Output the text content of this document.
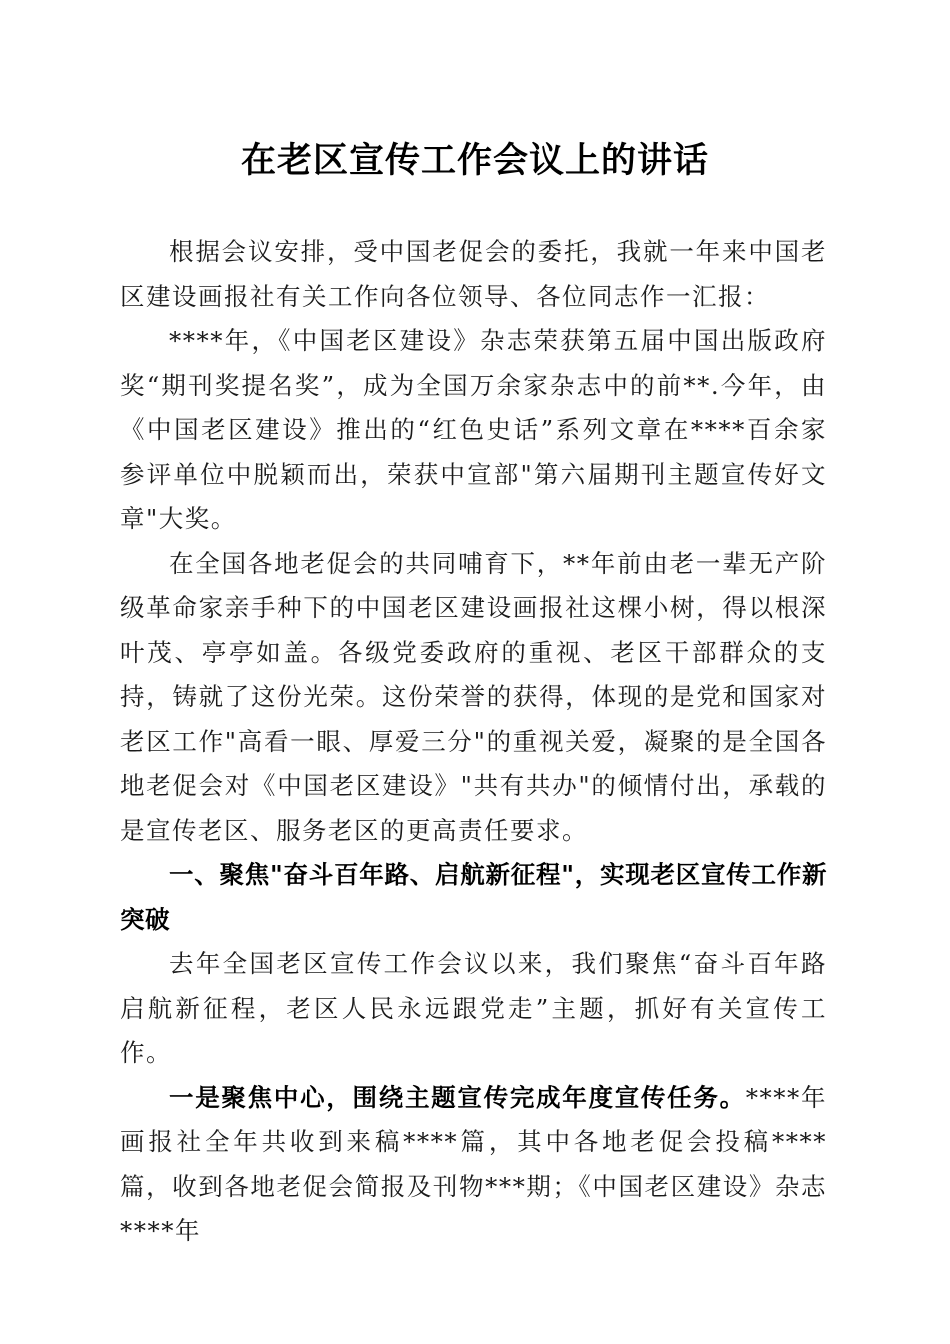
在老区宣传工作会议上的讲话

根据会议安排，受中国老促会的委托，我就一年来中国老区建设画报社有关工作向各位领导、各位同志作一汇报：

****年，《中国老区建设》杂志荣获第五届中国出版政府奖“期刊奖提名奖”，成为全国万余家杂志中的前**.今年，由《中国老区建设》推出的“红色史话”系列文章在****百余家参评单位中脱颖而出，荣获中宣部"第六届期刊主题宣传好文章"大奖。

在全国各地老促会的共同哺育下，**年前由老一辈无产阶级革命家亲手种下的中国老区建设画报社这棵小树，得以根深叶茂、亭亭如盖。各级党委政府的重视、老区干部群众的支持，铸就了这份光荣。这份荣誉的获得，体现的是党和国家对老区工作"高看一眼、厚爱三分"的重视关爱，凝聚的是全国各地老促会对《中国老区建设》"共有共办"的倾情付出，承载的是宣传老区、服务老区的更高责任要求。

一、聚焦"奋斗百年路、启航新征程"，实现老区宣传工作新突破

去年全国老区宣传工作会议以来，我们聚焦“奋斗百年路启航新征程，老区人民永远跟党走”主题，抓好有关宣传工作。

一是聚焦中心，围绕主题宣传完成年度宣传任务。****年画报社全年共收到来稿****篇，其中各地老促会投稿****篇，收到各地老促会简报及刊物***期；《中国老区建设》杂志****年
